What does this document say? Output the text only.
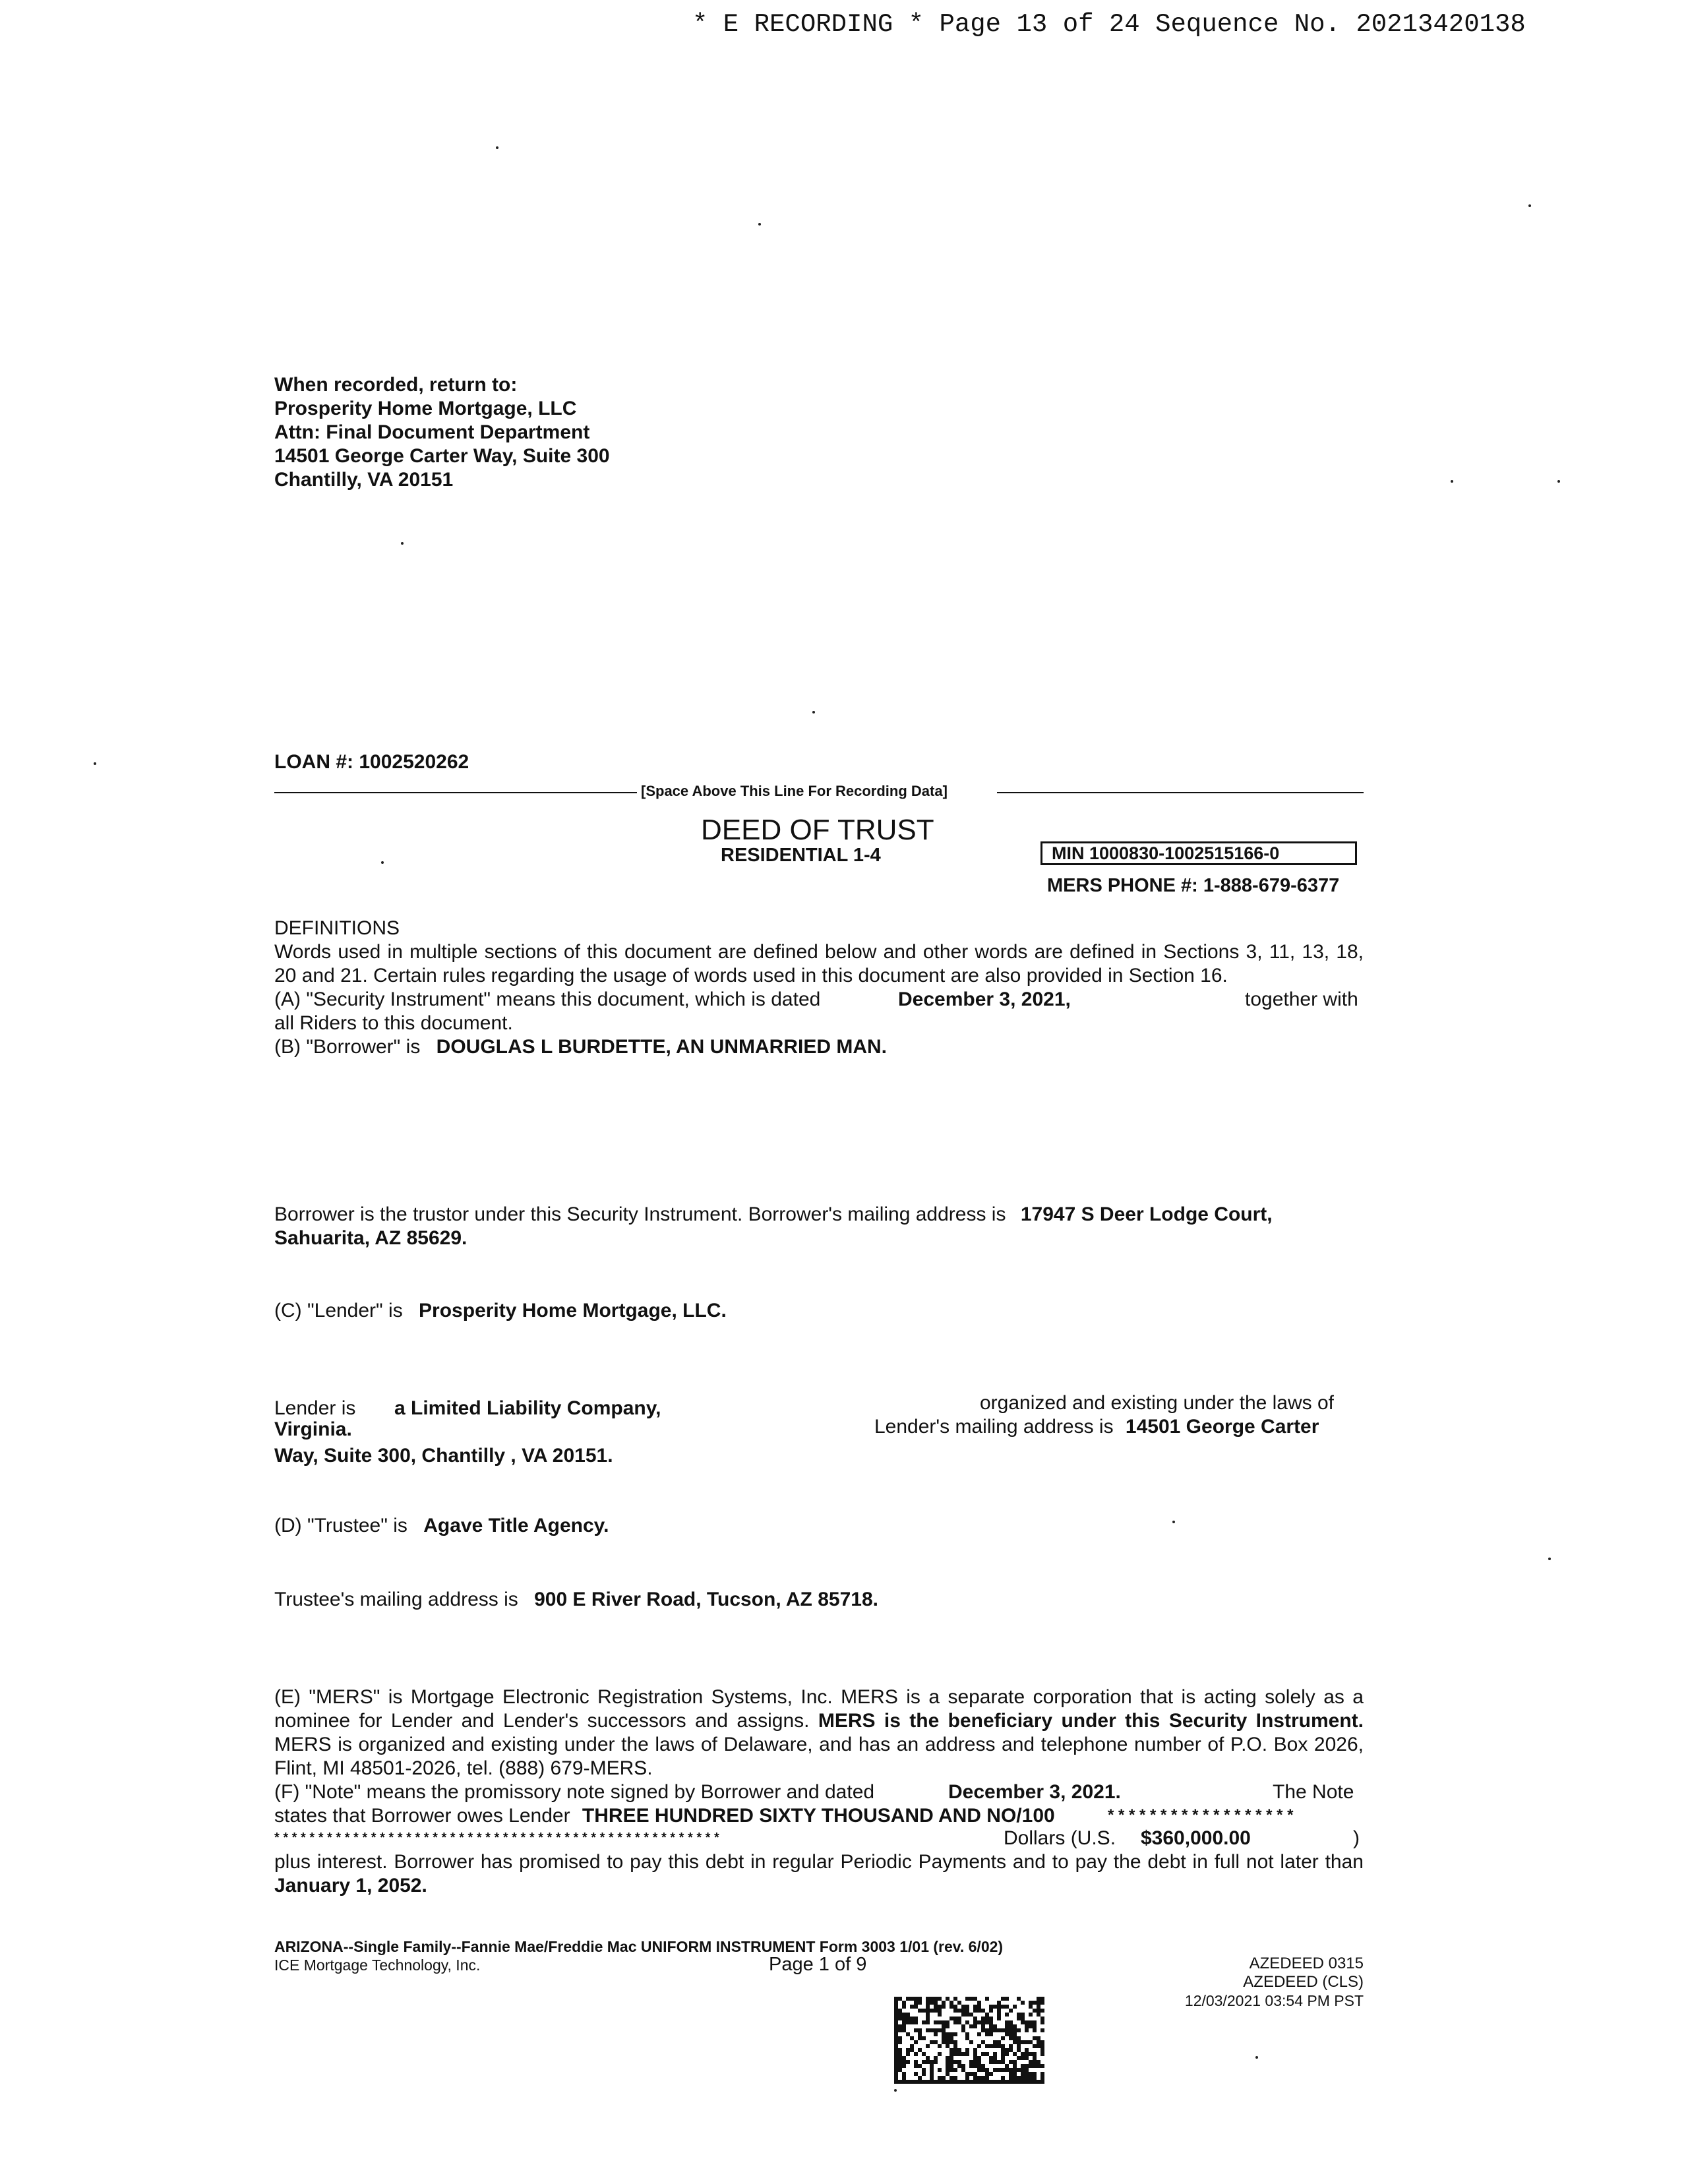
* E RECORDING * Page 13 of 24 Sequence No. 20213420138
When recorded, return to:
Prosperity Home Mortgage, LLC
Attn: Final Document Department
14501 George Carter Way, Suite 300
Chantilly, VA 20151
LOAN #: 1002520262
[Space Above This Line For Recording Data]
DEED OF TRUST
RESIDENTIAL 1-4	MIN 1000830-1002515166-0
MERS PHONE #: 1-888-679-6377
DEFINITIONS
Words used in multiple sections of this document are defined below and other words are defined in Sections 3, 11, 13, 18, 20 and 21. Certain rules regarding the usage of words used in this document are also provided in Section 16.
(A) "Security Instrument" means this document, which is dated	December 3, 2021,	together with
all Riders to this document.
(B) "Borrower" is DOUGLAS L BURDETTE, AN UNMARRIED MAN.
Borrower is the trustor under this Security Instrument. Borrower's mailing address is 17947 S Deer Lodge Court,
Sahuarita, AZ 85629.
(C) "Lender" is Prosperity Home Mortgage, LLC.
Lender is a Limited Liability Company,	organized and existing under the laws of
Virginia.	Lender's mailing address is 14501 George Carter
Way, Suite 300, Chantilly , VA 20151.
(D) "Trustee" is Agave Title Agency.
Trustee's mailing address is 900 E River Road, Tucson, AZ 85718.
(E) "MERS" is Mortgage Electronic Registration Systems, Inc. MERS is a separate corporation that is acting solely as a nominee for Lender and Lender's successors and assigns. MERS is the beneficiary under this Security Instrument. MERS is organized and existing under the laws of Delaware, and has an address and telephone number of P.O. Box 2026, Flint, MI 48501-2026, tel. (888) 679-MERS.
(F) "Note" means the promissory note signed by Borrower and dated	December 3, 2021.	The Note
states that Borrower owes Lender THREE HUNDRED SIXTY THOUSAND AND NO/100	* * * * * * * * * * * * * * * * * *
* * * * * * * * * * * * * * * * * * * * * * * * * * * * * * * * * * * * * * * * * * * * * * * * * * *	Dollars (U.S. $360,000.00	)
plus interest. Borrower has promised to pay this debt in regular Periodic Payments and to pay the debt in full not later than January 1, 2052.
ARIZONA--Single Family--Fannie Mae/Freddie Mac UNIFORM INSTRUMENT Form 3003 1/01 (rev. 6/02)
ICE Mortgage Technology, Inc.	Page 1 of 9	AZEDEED 0315
AZEDEED (CLS)
12/03/2021 03:54 PM PST
